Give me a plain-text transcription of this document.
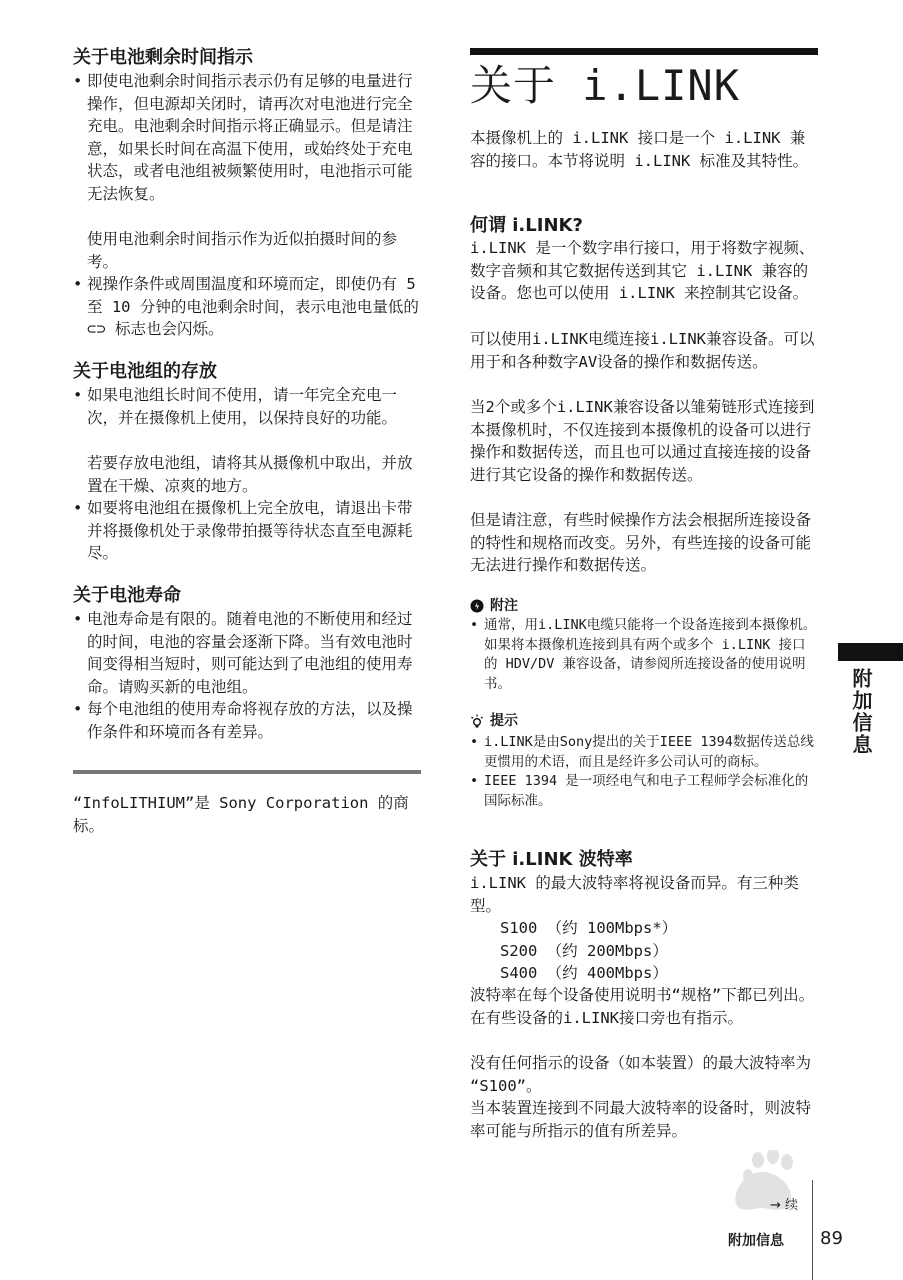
关于电池剩余时间指示
• 即使电池剩余时间指示表示仍有足够的电量进行操作，但电源却关闭时，请再次对电池进行完全充电。电池剩余时间指示将正确显示。但是请注意，如果长时间在高温下使用，或始终处于充电状态，或者电池组被频繁使用时，电池指示可能无法恢复。

使用电池剩余时间指示作为近似拍摄时间的参考。

• 视操作条件或周围温度和环境而定，即使仍有 5 至 10 分钟的电池剩余时间，表示电池电量低的 ⊂⊃ 标志也会闪烁。
关于电池组的存放
• 如果电池组长时间不使用，请一年完全充电一次，并在摄像机上使用，以保持良好的功能。

若要存放电池组，请将其从摄像机中取出，并放置在干燥、凉爽的地方。

• 如要将电池组在摄像机上完全放电，请退出卡带并将摄像机处于录像带拍摄等待状态直至电源耗尽。
关于电池寿命
• 电池寿命是有限的。随着电池的不断使用和经过的时间，电池的容量会逐渐下降。当有效电池时间变得相当短时，则可能达到了电池组的使用寿命。请购买新的电池组。
• 每个电池组的使用寿命将视存放的方法，以及操作条件和环境而各有差异。

“InfoLITHIUM”是 Sony Corporation 的商标。

关于 i.LINK

本摄像机上的 i.LINK 接口是一个 i.LINK 兼容的接口。本节将说明 i.LINK 标准及其特性。

何谓 i.LINK?

i.LINK 是一个数字串行接口，用于将数字视频、数字音频和其它数据传送到其它 i.LINK 兼容的设备。您也可以使用 i.LINK 来控制其它设备。

可以使用i.LINK电缆连接i.LINK兼容设备。可以用于和各种数字AV设备的操作和数据传送。

当2个或多个i.LINK兼容设备以雏菊链形式连接到本摄像机时，不仅连接到本摄像机的设备可以进行操作和数据传送，而且也可以通过直接连接的设备进行其它设备的操作和数据传送。

但是请注意，有些时候操作方法会根据所连接设备的特性和规格而改变。另外，有些连接的设备可能无法进行操作和数据传送。

附注
• 通常，用i.LINK电缆只能将一个设备连接到本摄像机。如果将本摄像机连接到具有两个或多个 i.LINK 接口的 HDV/DV 兼容设备，请参阅所连接设备的使用说明书。
提示
• i.LINK是由Sony提出的关于IEEE 1394数据传送总线更惯用的术语，而且是经许多公司认可的商标。
• IEEE 1394 是一项经电气和电子工程师学会标准化的国际标准。
关于 i.LINK 波特率

i.LINK 的最大波特率将视设备而异。有三种类型。

S100 （约 100Mbps*）
S200 （约 200Mbps）
S400 （约 400Mbps）

波特率在每个设备使用说明书“规格”下都已列出。在有些设备的i.LINK接口旁也有指示。

没有任何指示的设备（如本装置）的最大波特率为 “S100”。

当本装置连接到不同最大波特率的设备时，则波特率可能与所指示的值有所差异。

附加信息
→ 续
附加信息 89
